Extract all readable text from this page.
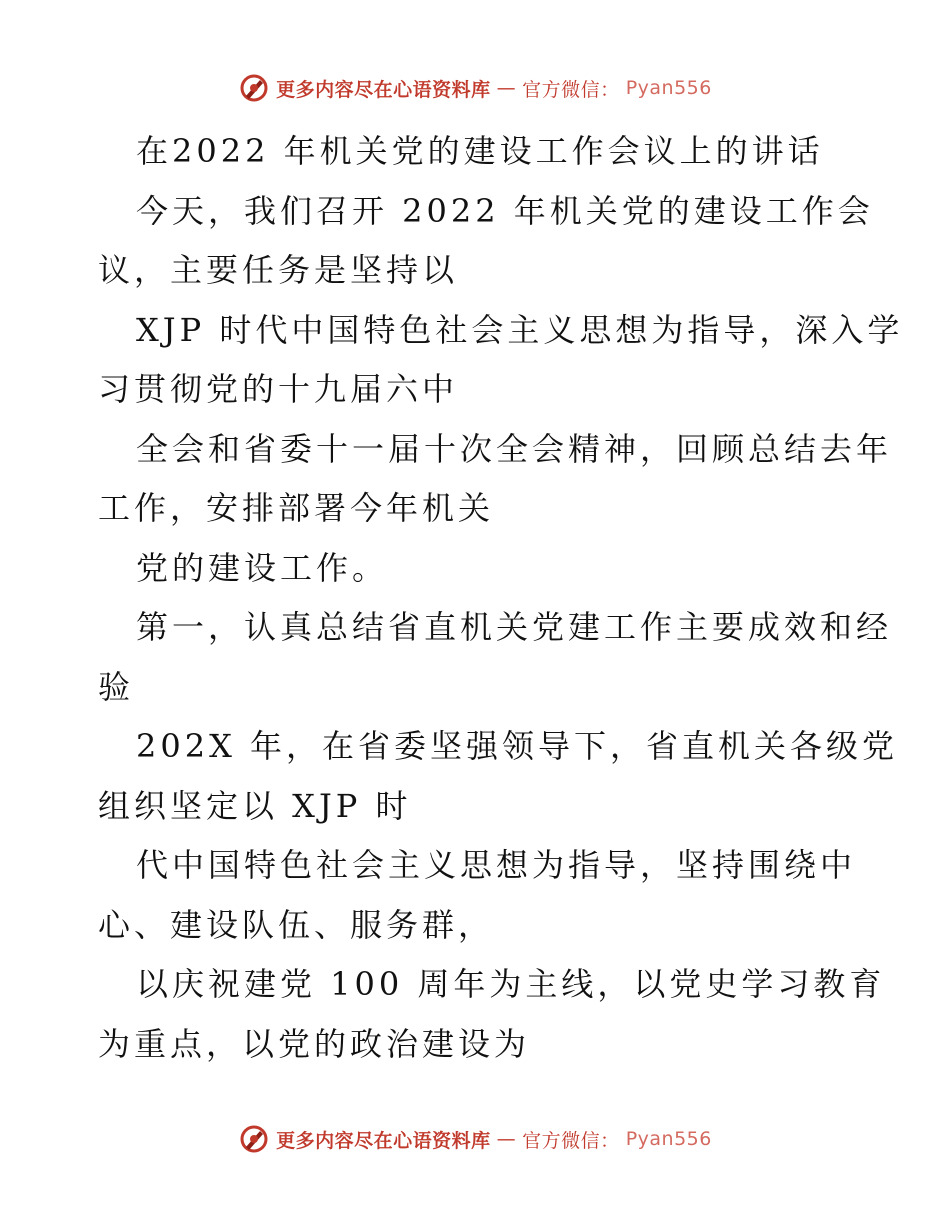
更多内容尽在心语资料库 — 官方微信： Pyan556
在2022 年机关党的建设工作会议上的讲话
今天，我们召开 2022 年机关党的建设工作会
议，主要任务是坚持以
XJP 时代中国特色社会主义思想为指导，深入学
习贯彻党的十九届六中
全会和省委十一届十次全会精神，回顾总结去年
工作，安排部署今年机关
党的建设工作。
第一，认真总结省直机关党建工作主要成效和经
验
202X 年，在省委坚强领导下，省直机关各级党
组织坚定以 XJP 时
代中国特色社会主义思想为指导，坚持围绕中
心、建设队伍、服务群，
以庆祝建党 100 周年为主线，以党史学习教育
为重点，以党的政治建设为
更多内容尽在心语资料库 — 官方微信： Pyan556
